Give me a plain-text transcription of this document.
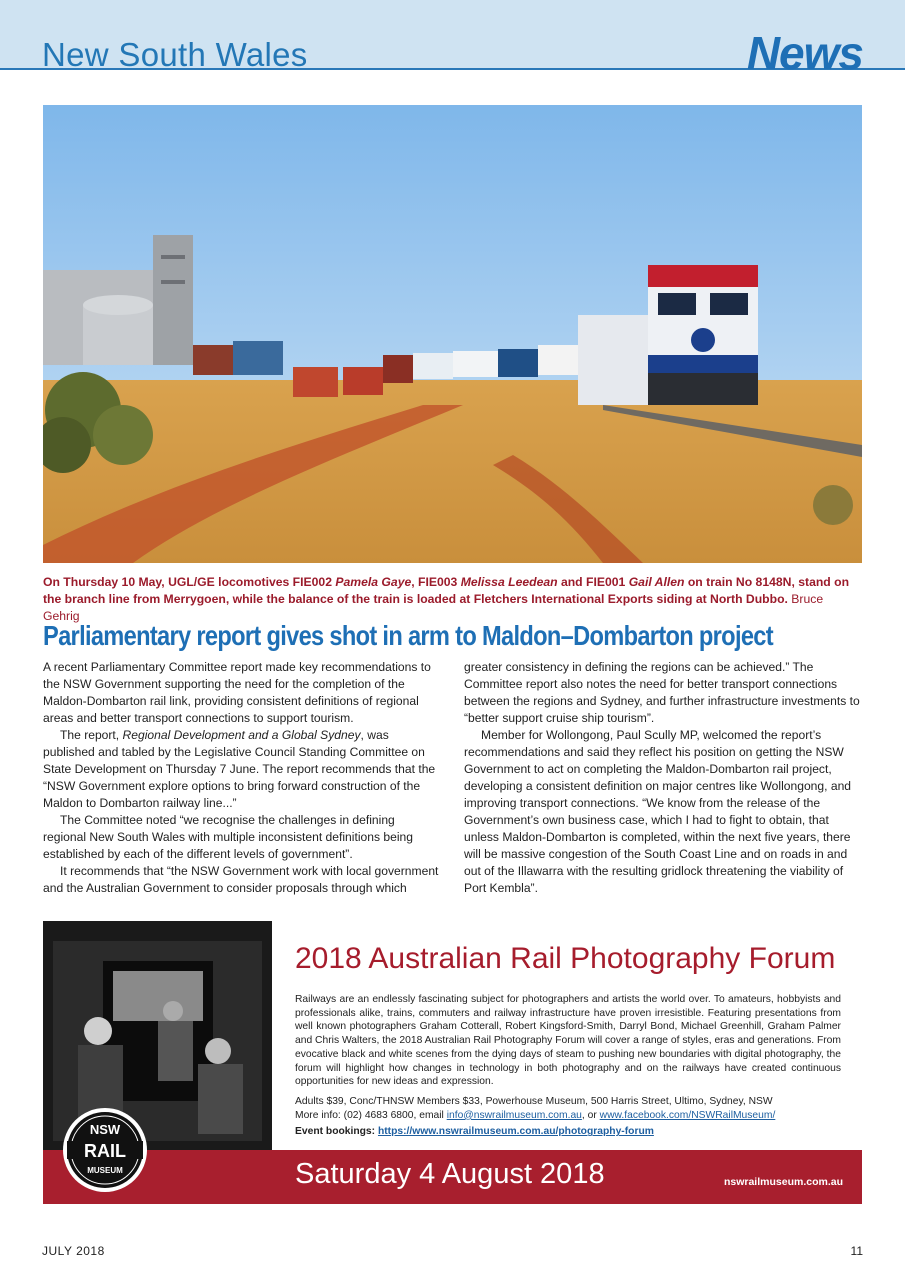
New South Wales	News
On Thursday 10 May, UGL/GE locomotives FIE002 Pamela Gaye, FIE003 Melissa Leedean and FIE001 Gail Allen on train No 8148N, stand on the branch line from Merrygoen, while the balance of the train is loaded at Fletchers International Exports siding at North Dubbo. Bruce Gehrig
Parliamentary report gives shot in arm to Maldon–Dombarton project

A recent Parliamentary Committee report made key recommendations to the NSW Government supporting the need for the completion of the Maldon-Dombarton rail link, providing consistent definitions of regional areas and better transport connections to support tourism.

The report, Regional Development and a Global Sydney, was published and tabled by the Legislative Council Standing Committee on State Development on Thursday 7 June. The report recommends that the “NSW Government explore options to bring forward construction of the Maldon to Dombarton railway line...”

The Committee noted “we recognise the challenges in defining regional New South Wales with multiple inconsistent definitions being established by each of the different levels of government”.

It recommends that “the NSW Government work with local government and the Australian Government to consider proposals through which

greater consistency in defining the regions can be achieved.” The Committee report also notes the need for better transport connections between the regions and Sydney, and further infrastructure investments to “better support cruise ship tourism”.

Member for Wollongong, Paul Scully MP, welcomed the report’s recommendations and said they reflect his position on getting the NSW Government to act on completing the Maldon-Dombarton rail project, developing a consistent definition on major centres like Wollongong, and improving transport connections. “We know from the release of the Government’s own business case, which I had to fight to obtain, that unless Maldon-Dombarton is completed, within the next five years, there will be massive congestion of the South Coast Line and on roads in and out of the Illawarra with the resulting gridlock threatening the viability of Port Kembla”.

2018 Australian Rail Photography Forum

Railways are an endlessly fascinating subject for photographers and artists the world over. To amateurs, hobbyists and professionals alike, trains, commuters and railway infrastructure have proven irresistible. Featuring presentations from well known photographers Graham Cotterall, Robert Kingsford-Smith, Darryl Bond, Michael Greenhill, Graham Palmer and Chris Walters, the 2018 Australian Rail Photography Forum will cover a range of styles, eras and generations. From evocative black and white scenes from the dying days of steam to pushing new boundaries with digital photography, the forum will highlight how changes in technology in both photography and on the railways have created continuous opportunities for new ideas and expression.

Adults $39, Conc/THNSW Members $33, Powerhouse Museum, 500 Harris Street, Ultimo, Sydney, NSW
More info: (02) 4683 6800, email info@nswrailmuseum.com.au, or www.facebook.com/NSWRailMuseum/
Event bookings: https://www.nswrailmuseum.com.au/photography-forum
Saturday 4 August 2018	nswrailmuseum.com.au
NSW
RAIL
MUSEUM
JULY 2018	11
